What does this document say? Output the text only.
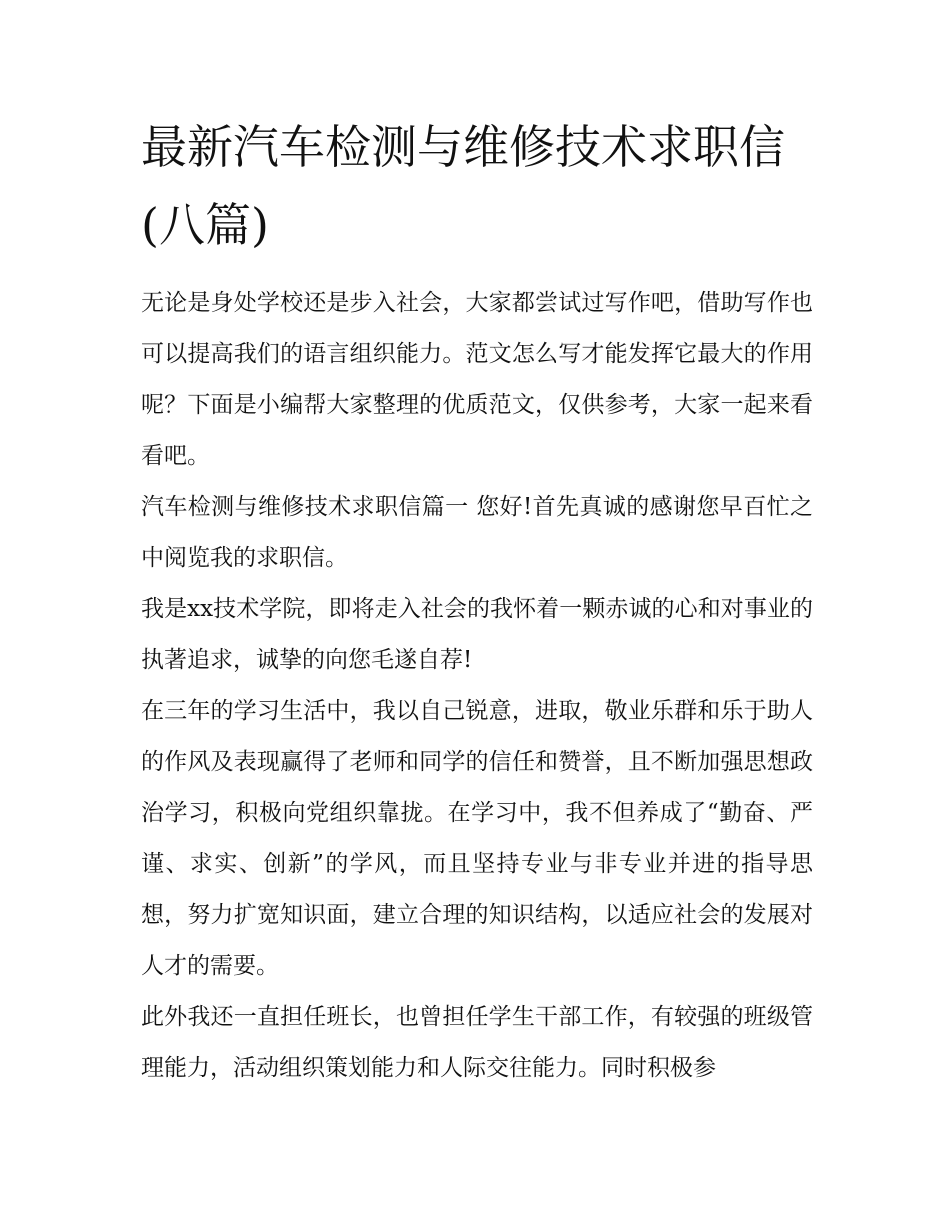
最新汽车检测与维修技术求职信(八篇)

无论是身处学校还是步入社会，大家都尝试过写作吧，借助写作也可以提高我们的语言组织能力。范文怎么写才能发挥它最大的作用呢？下面是小编帮大家整理的优质范文，仅供参考，大家一起来看看吧。

汽车检测与维修技术求职信篇一 您好!首先真诚的感谢您早百忙之中阅览我的求职信。

我是xx技术学院，即将走入社会的我怀着一颗赤诚的心和对事业的执著追求，诚挚的向您毛遂自荐!

在三年的学习生活中，我以自己锐意，进取，敬业乐群和乐于助人的作风及表现赢得了老师和同学的信任和赞誉，且不断加强思想政治学习，积极向党组织靠拢。在学习中，我不但养成了“勤奋、严谨、求实、创新”的学风，而且坚持专业与非专业并进的指导思想，努力扩宽知识面，建立合理的知识结构，以适应社会的发展对人才的需要。

此外我还一直担任班长，也曾担任学生干部工作，有较强的班级管理能力，活动组织策划能力和人际交往能力。同时积极参
